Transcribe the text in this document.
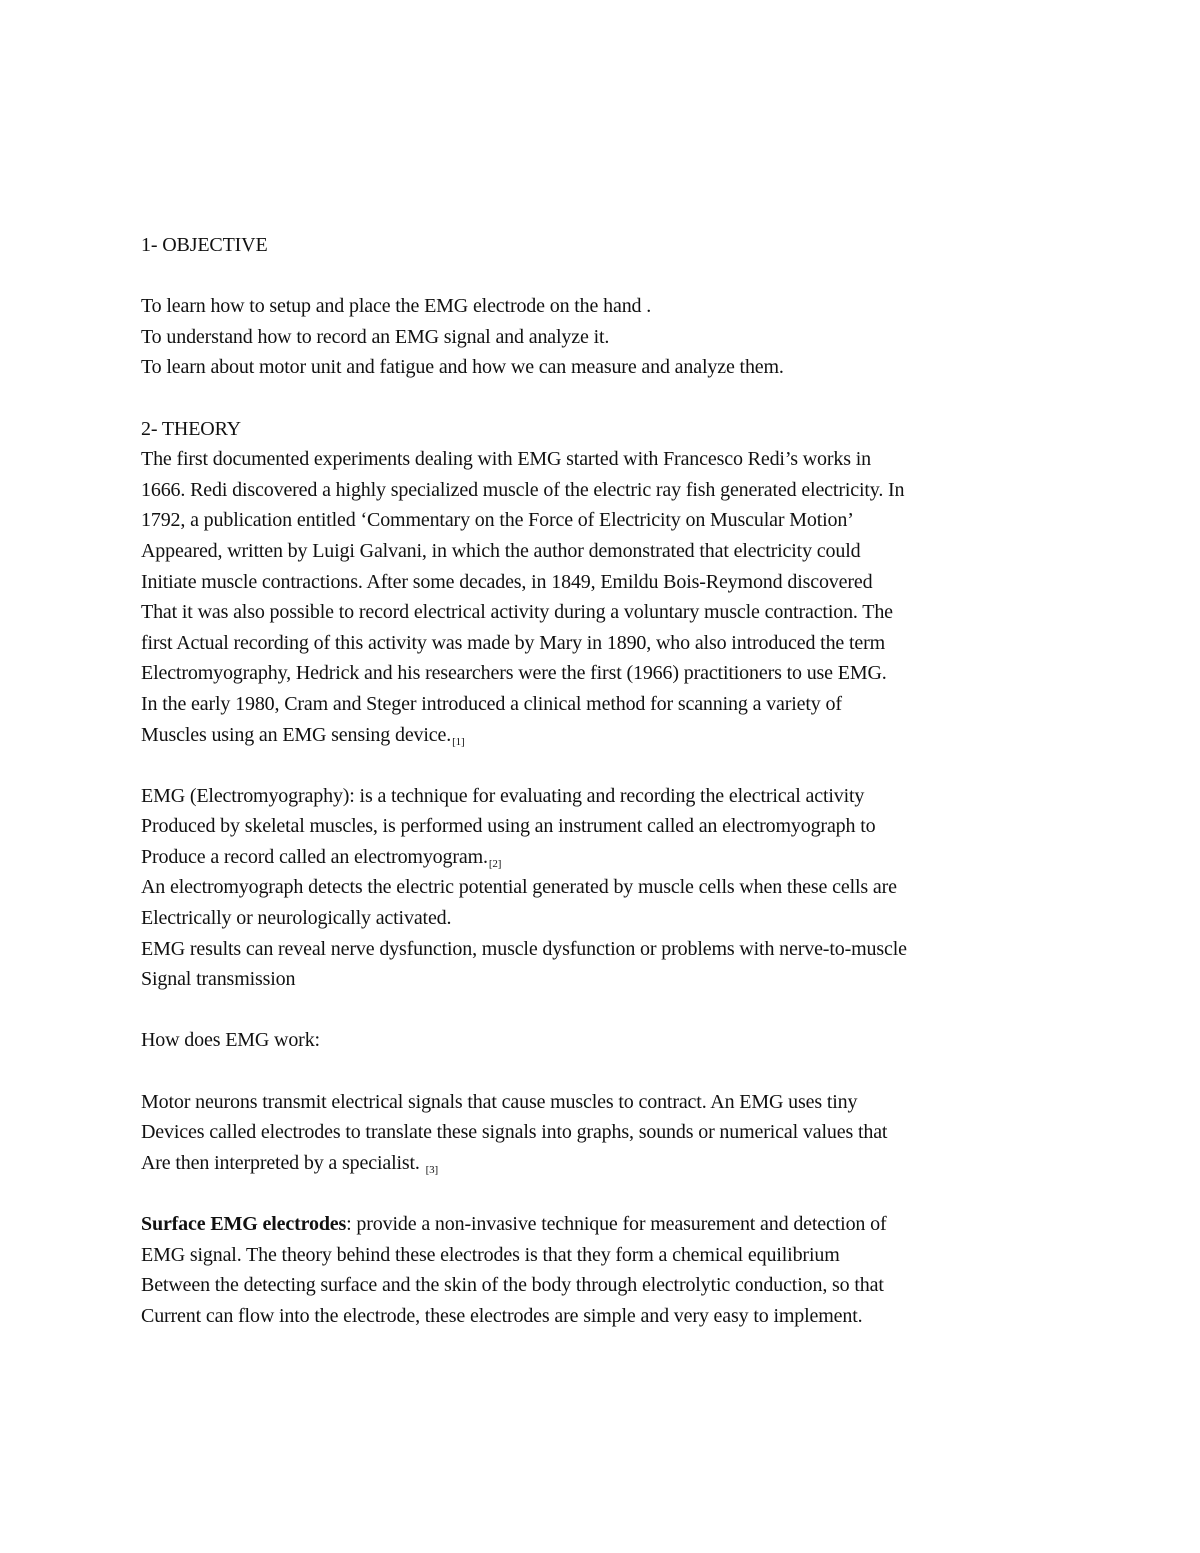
1- OBJECTIVE
To learn how to setup and place the EMG electrode on the hand .
To understand how to record an EMG signal and analyze it.
To learn about motor unit and fatigue and how we can measure and analyze them.
2- THEORY
The first documented experiments dealing with EMG started with Francesco Redi’s works in
1666. Redi discovered a highly specialized muscle of the electric ray fish generated electricity. In
1792, a publication entitled ‘Commentary on the Force of Electricity on Muscular Motion’
Appeared, written by Luigi Galvani, in which the author demonstrated that electricity could
Initiate muscle contractions. After some decades, in 1849, Emildu Bois-Reymond discovered
That it was also possible to record electrical activity during a voluntary muscle contraction. The
first Actual recording of this activity was made by Mary in 1890, who also introduced the term
Electromyography, Hedrick and his researchers were the first (1966) practitioners to use EMG.
In the early 1980, Cram and Steger introduced a clinical method for scanning a variety of
Muscles using an EMG sensing $device._{[1]}$
EMG (Electromyography): is a technique for evaluating and recording the electrical activity
Produced by skeletal muscles, is performed using an instrument called an electromyograph to
Produce a record called an $electromyogram._{[2]}$
An electromyograph detects the electric potential generated by muscle cells when these cells are
Electrically or neurologically activated.
EMG results can reveal nerve dysfunction, muscle dysfunction or problems with nerve-to-muscle
Signal transmission
How does EMG work:
Motor neurons transmit electrical signals that cause muscles to contract. An EMG uses tiny
Devices called electrodes to translate these signals into graphs, sounds or numerical values that
Are then interpreted by a specialist. $_{[3]}$
Surface EMG electrodes: provide a non-invasive technique for measurement and detection of
EMG signal. The theory behind these electrodes is that they form a chemical equilibrium
Between the detecting surface and the skin of the body through electrolytic conduction, so that
Current can flow into the electrode, these electrodes are simple and very easy to implement.
